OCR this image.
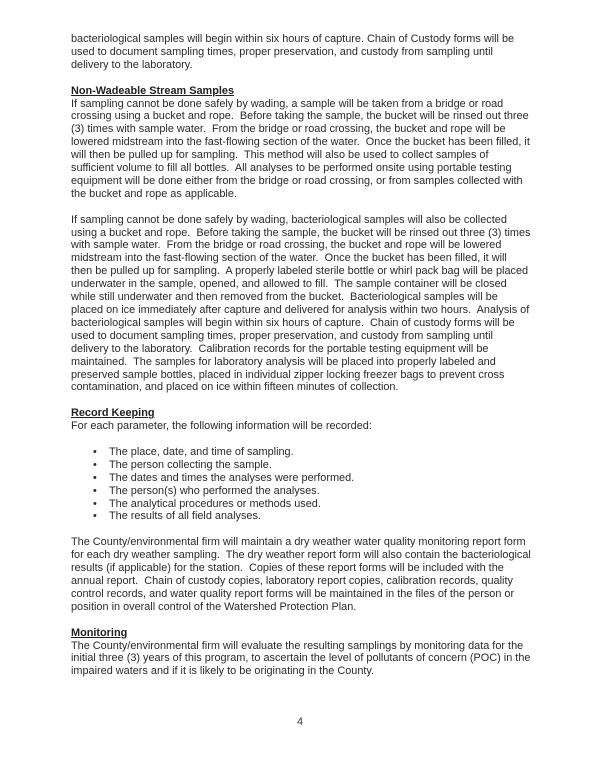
bacteriological samples will begin within six hours of capture. Chain of Custody forms will be used to document sampling times, proper preservation, and custody from sampling until delivery to the laboratory.

Non-Wadeable Stream Samples

If sampling cannot be done safely by wading, a sample will be taken from a bridge or road crossing using a bucket and rope.  Before taking the sample, the bucket will be rinsed out three (3) times with sample water.  From the bridge or road crossing, the bucket and rope will be lowered midstream into the fast-flowing section of the water.  Once the bucket has been filled, it will then be pulled up for sampling.  This method will also be used to collect samples of sufficient volume to fill all bottles.  All analyses to be performed onsite using portable testing equipment will be done either from the bridge or road crossing, or from samples collected with the bucket and rope as applicable.

If sampling cannot be done safely by wading, bacteriological samples will also be collected using a bucket and rope.  Before taking the sample, the bucket will be rinsed out three (3) times with sample water.  From the bridge or road crossing, the bucket and rope will be lowered midstream into the fast-flowing section of the water.  Once the bucket has been filled, it will then be pulled up for sampling.  A properly labeled sterile bottle or whirl pack bag will be placed underwater in the sample, opened, and allowed to fill.  The sample container will be closed while still underwater and then removed from the bucket.  Bacteriological samples will be placed on ice immediately after capture and delivered for analysis within two hours.  Analysis of bacteriological samples will begin within six hours of capture.  Chain of custody forms will be used to document sampling times, proper preservation, and custody from sampling until delivery to the laboratory.  Calibration records for the portable testing equipment will be maintained.  The samples for laboratory analysis will be placed into properly labeled and preserved sample bottles, placed in individual zipper locking freezer bags to prevent cross contamination, and placed on ice within fifteen minutes of collection.

Record Keeping

For each parameter, the following information will be recorded:

• The place, date, and time of sampling.
• The person collecting the sample.
• The dates and times the analyses were performed.
• The person(s) who performed the analyses.
• The analytical procedures or methods used.
• The results of all field analyses.

The County/environmental firm will maintain a dry weather water quality monitoring report form for each dry weather sampling.  The dry weather report form will also contain the bacteriological results (if applicable) for the station.  Copies of these report forms will be included with the annual report.  Chain of custody copies, laboratory report copies, calibration records, quality control records, and water quality report forms will be maintained in the files of the person or position in overall control of the Watershed Protection Plan.

Monitoring

The County/environmental firm will evaluate the resulting samplings by monitoring data for the initial three (3) years of this program, to ascertain the level of pollutants of concern (POC) in the impaired waters and if it is likely to be originating in the County.

4
